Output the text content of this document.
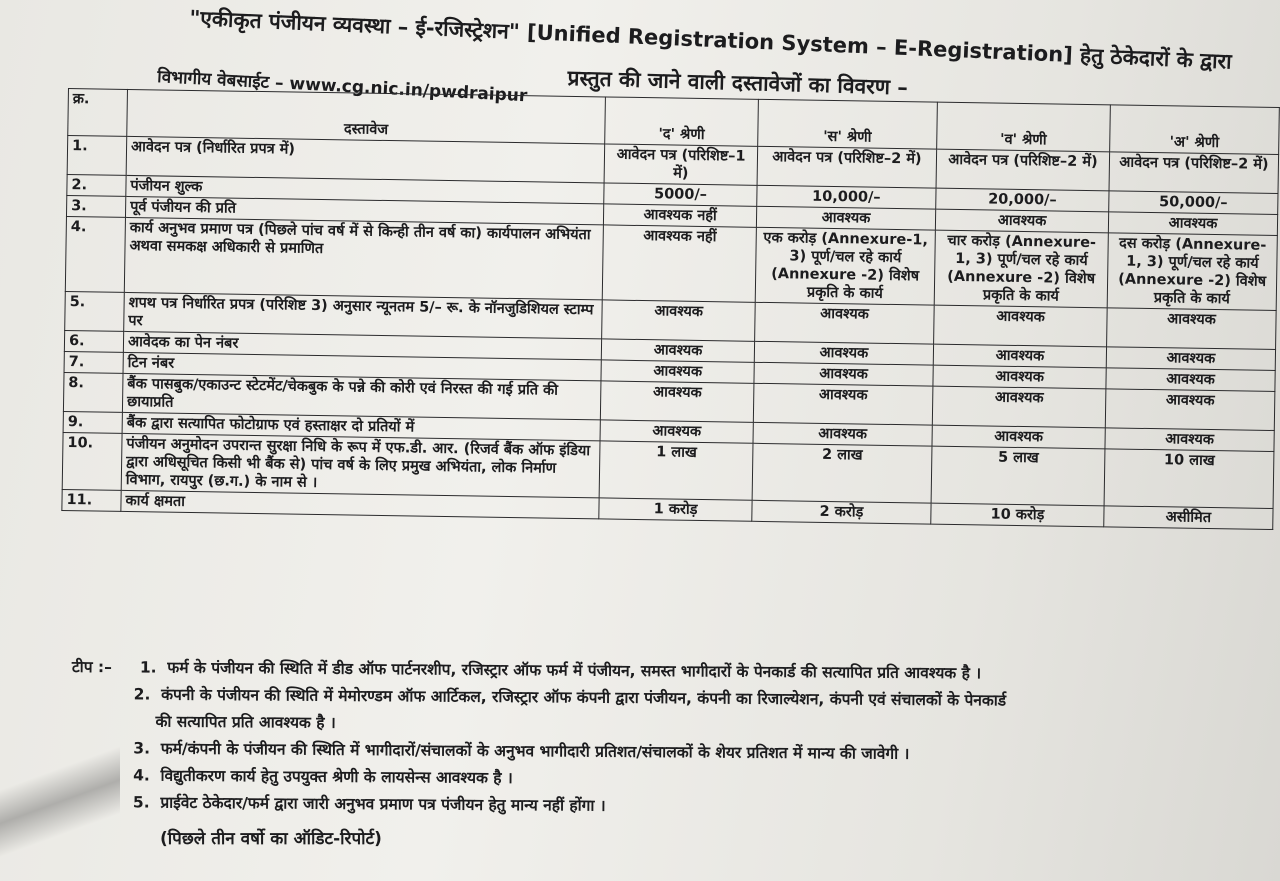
"एकीकृत पंजीयन व्यवस्था – ई-रजिस्ट्रेशन" [Unified Registration System – E-Registration] हेतु ठेकेदारों के द्वारा
विभागीय वेबसाईट – www.cg.nic.in/pwdraipur प्रस्तुत की जाने वाली दस्तावेजों का विवरण –
क्र.	दस्तावेज	'द' श्रेणी	'स' श्रेणी	'व' श्रेणी	'अ' श्रेणी
1.	आवेदन पत्र (निर्धारित प्रपत्र में)	आवेदन पत्र (परिशिष्ट–1 में)	आवेदन पत्र (परिशिष्ट–2 में)	आवेदन पत्र (परिशिष्ट–2 में)	आवेदन पत्र (परिशिष्ट–2 में)
2.	पंजीयन शुल्क	5000/–	10,000/–	20,000/–	50,000/–
3.	पूर्व पंजीयन की प्रति	आवश्यक नहीं	आवश्यक	आवश्यक	आवश्यक
4.	कार्य अनुभव प्रमाण पत्र (पिछले पांच वर्ष में से किन्ही तीन वर्ष का) कार्यपालन अभियंता अथवा समकक्ष अधिकारी से प्रमाणित	आवश्यक नहीं	एक करोड़ (Annexure-1, 3) पूर्ण/चल रहे कार्य (Annexure -2) विशेष प्रकृति के कार्य	चार करोड़ (Annexure-1, 3) पूर्ण/चल रहे कार्य (Annexure -2) विशेष प्रकृति के कार्य	दस करोड़ (Annexure-1, 3) पूर्ण/चल रहे कार्य (Annexure -2) विशेष प्रकृति के कार्य
5.	शपथ पत्र निर्धारित प्रपत्र (परिशिष्ट 3) अनुसार न्यूनतम 5/– रू. के नॉनजुडिशियल स्टाम्प पर	आवश्यक	आवश्यक	आवश्यक	आवश्यक
6.	आवेदक का पेन नंबर	आवश्यक	आवश्यक	आवश्यक	आवश्यक
7.	टिन नंबर	आवश्यक	आवश्यक	आवश्यक	आवश्यक
8.	बैंक पासबुक/एकाउन्ट स्टेटमेंट/चेकबुक के पन्ने की कोरी एवं निरस्त की गई प्रति की छायाप्रति	आवश्यक	आवश्यक	आवश्यक	आवश्यक
9.	बैंक द्वारा सत्यापित फोटोग्राफ एवं हस्ताक्षर दो प्रतियों में	आवश्यक	आवश्यक	आवश्यक	आवश्यक
10.	पंजीयन अनुमोदन उपरान्त सुरक्षा निधि के रूप में एफ.डी. आर. (रिजर्व बैंक ऑफ इंडिया द्वारा अधिसूचित किसी भी बैंक से) पांच वर्ष के लिए प्रमुख अभियंता, लोक निर्माण विभाग, रायपुर (छ.ग.) के नाम से ।	1 लाख	2 लाख	5 लाख	10 लाख
11.	कार्य क्षमता	1 करोड़	2 करोड़	10 करोड़	असीमित
टीप :– 1. फर्म के पंजीयन की स्थिति में डीड ऑफ पार्टनरशीप, रजिस्ट्रार ऑफ फर्म में पंजीयन, समस्त भागीदारों के पेनकार्ड की सत्यापित प्रति आवश्यक है ।
2. कंपनी के पंजीयन की स्थिति में मेमोरण्डम ऑफ आर्टिकल, रजिस्ट्रार ऑफ कंपनी द्वारा पंजीयन, कंपनी का रिजाल्येशन, कंपनी एवं संचालकों के पेनकार्ड
की सत्यापित प्रति आवश्यक है ।
3. फर्म/कंपनी के पंजीयन की स्थिति में भागीदारों/संचालकों के अनुभव भागीदारी प्रतिशत/संचालकों के शेयर प्रतिशत में मान्य की जावेगी ।
4. विद्युतीकरण कार्य हेतु उपयुक्त श्रेणी के लायसेन्स आवश्यक है ।
5. प्राईवेट ठेकेदार/फर्म द्वारा जारी अनुभव प्रमाण पत्र पंजीयन हेतु मान्य नहीं होंगा ।
(पिछले तीन वर्षो का ऑडिट-रिपोर्ट)
